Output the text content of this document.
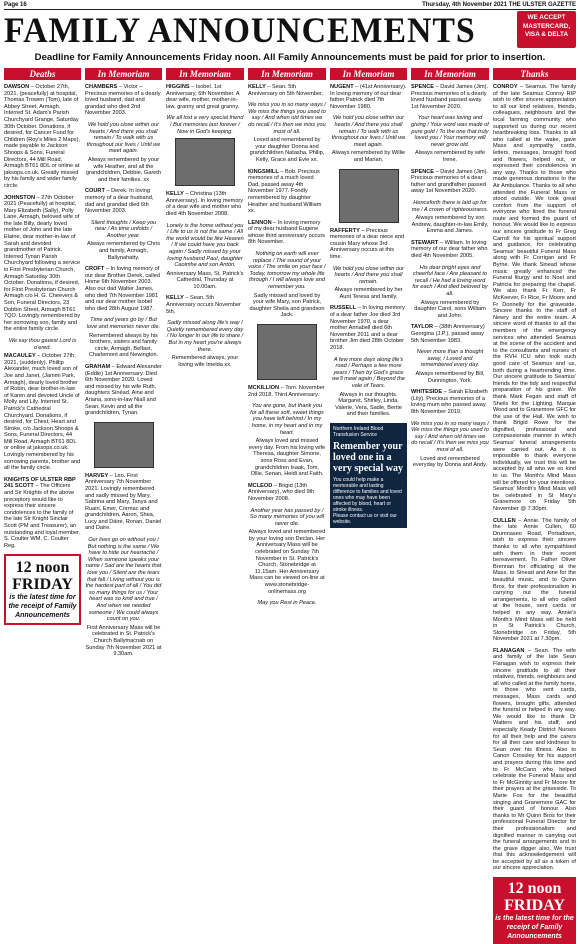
Page 16	Thursday, 4th November 2021 THE ULSTER GAZETTE
FAMILY ANNOUNCEMENTS	WE ACCEPT
MASTERCARD,
VISA & DELTA
Deadline for Family Announcements Friday noon. All Family Announcements must be paid for prior to insertion.
Deaths
DAWSON – October 27th, 2021, (peacefully) at hospital, Thomas Trowen (Tom), late of Abbey Street, Armagh. Interred St. Adam's Parish Churchyard Grange, Saturday 30th October. Donations, if desired, for Cancer Fund for Children (Roy's Miles 2 Maps), made payable to Jackson Shoops & Sons, Funeral Directors, 44 Mill Road, Armagh BT61 8DL or online at jaksops.co.uk. Greatly missed by his family and wider family circle.
JOHNSTON – 27th October 2021 (Peacefully) at hospital, Mary Elizabeth (Sally), Polly Lane, Armagh, beloved wife of the late Billy, dearly loved mother of John and the late Elaine, dear mother-in-law of Sarah and devoted grandmother of Patrick. Interred Tynan Parish Churchyard following a service in First Presbyterian Church, Armagh Saturday 30th October. Donations, if desired, for First Presbyterian Church Armagh c/o H. G. Cheevers & Son, Funeral Directors, 23 Dobbin Street, Armagh BT61 7QO. Lovingly remembered by her sorrowing son, family and the entire family circle.
We say thou gavest Lord is o'ered.
MACAULEY – October 27th, 2021, (suddenly), Phillip Alexander, much loved son of Joe and Janet, (Jammi Park, Armagh), dearly loved brother of Robin, dear brother-in-law of Karen and devoted Uncle of Molly and Lily. Interred St. Patrick's Cathedral Churchyard. Donations, if desired, for Chest, Heart and Stroke, c/o Jackson Shoops & Sons, Funeral Directors, 44 Mill Road, Armagh BT61 8DL or online at jaksops.co.uk. Lovingly remembered by his sorrowing parents, brother and all the family circle.
KNIGHTS OF ULSTER RBP 241 SCOTT – The Officers and Sir Knights of the above preceptory would like to express their sincere condolences to the family of the late Sir Knight Sinclair Scott (PM and Treasurer), an outstanding and loyal member. S. Coulter WM, C. Coulter Reg.
12 noon
FRIDAY
is the latest time for the receipt of Family Announcements
In Memoriam
CHAMBERS – Victor – Precious memories of a dearly loved husband, dad and grandad who died 2nd November 2003.
We hold you close within our hearts / And there you shall remain / To walk with us throughout our lives / Until we meet again.
Always remembered by your wife Heather, and all the grandchildren, Debbie, Gareth and their families. xx
COURT – Derek. In loving memory of a dear husband, dad and grandad died 6th November 2003.
Silent thoughts / Keep you near / As time unfolds / Another year.
Always remembered by Chris and family, Armagh, Ballynahatty.
CROFT – In loving memory of our dear Brother Derek, called Home 6th November 2003. Also our dad Walter James, who died 7th November 1981 and our dear mother Isobel who died 28th August 1987.
Time and years go by / But love and memories never die.
Remembered always by his brothers, sisters and family circle, Armagh, Belfast, Charlemont and Newington.
GRAHAM – Edward Alexander (Eddie) 1st Anniversary. Died 6th November 2020. Loved and missed by his wife Ruth, daughters Sinéad, Aine and Ariana, sons-in-law Niall and Sean, Kevin and all the grandchildren, Tynan.
HARVEY – Leo. First Anniversary 7th November 2021. Lovingly remembered and sadly missed by Mary, Sabrina and Mary, Tanya and Ruairi, Emer, Cormac and grandchildren, Aaron, Shea, Lucy and Dáire, Ronan, Daniel and Daire.
Our lives go on without you / But nothing is the same / We have to hide our heartache / When someone speaks your name / Sad are the hearts that love you / Silent are the tears that fall / Living without you is the hardest part of all / You did so many things for us / Your heart was so kind and true / And when we needed someone / We could always count on you.
First Anniversary Mass will be celebrated in St. Patrick's Church Ballymacnab on Sunday 7th November 2021 at 9.30am.
In Memoriam
HIGGINS – Isobel. 1st Anniversary, 6th November. A dear wife, mother, mother-in-law, granny and great granny.
We all lost a very special friend / But memories last forever / Now in God's keeping.
KELLY – Christina (13th Anniversary). In loving memory of a dear wife and mother who died 4th November 2008.
Lonely is the home without you / Life to us is not the same / All the world would be like Heaven / If we could have you back again / Sadly missed by your loving husband Paul, daughter Caoimhe and son Antón.
Anniversary Mass, St. Patrick's Cathedral, Thursday at 10.00am.
KELLY – Sean. 5th Anniversary occurs November 5th.
Sadly missed along life's way / Quietly remembered every day / No longer in our life to share / But in my heart you're always there.
Remembered always, your loving wife Imelda xx.
In Memoriam
KELLY – Sean. 5th Anniversary on 5th November.
We miss you in so many ways / We miss the things you used to say / And when old times we do recall / It's then we miss you most of all.
Loved and remembered by your daughter Donna and grandchildren Natasha, Philip, Kelly, Grace and Evie xx.
KINGSMILL – Bob. Precious memories of a much loved Dad, passed away 4th November 1977. Fondly remembered by daughter Heather and husband William xx.
LENNON – In loving memory of my dear husband Eugene whose third anniversary occurs 8th November.
Nothing on earth will ever replace / The sound of your voice / The smile on your face / Today, tomorrow my whole life through / I will always love and remember you.
Sadly missed and loved by your wife Mary, son Patrick, daughter Sheila and grandson Jack.
MCKILLION – Tom. November 2nd 2018. Third Anniversary.
You are gone, but thank you for all these soft, sweet things you have left behind / In my home, in my heart and in my heart.
Always loved and missed every day. From his loving wife Theresa, daughter Simone, sons Ross and Evan, grandchildren Isaak, Tom, Ollie, Senan, Heidi and Faith.
MCLEOD – Brigid (13th Anniversary), who died 9th November 2008.
Another year has passed by / So many memories of you will never die.
Always loved and remembered by your loving son Declan. Her Anniversary Mass will be celebrated on Sunday 7th November in St. Patrick's Church, Stonebridge at 11.15am. Her Anniversary Mass can be viewed on-line at www.stonebridge-onlinemass.org
May you Rest in Peace.
In Memoriam
NUGENT – (41st Anniversary). In loving memory of our dear father Patrick died 7th November 1980.
We hold you close within our hearts / And there you shall remain / To walk with us throughout our lives / Until we meet again.
Always remembered by Willie and Marian.
RAFFERTY – Precious memories of a dear niece and cousin Mary whose 3rd Anniversary occurs at this time.
We hold you close within our hearts / And there you shall remain.
Always remembered by her Aunt Teresa and family.
RUSSELL – In loving memory of a dear father Joe died 3rd November 1970, a dear mother Annabell died 6th November 2011 and a dear brother Jim died 28th October 2018.
A few more days along life's road / Perhaps a few more years / Then by God's grace we'll meet again / Beyond the vale of Tears.
Always in our thoughts. Margaret, Shirley, Linda, Valerie, Vera, Sadie, Bertie and their families.
Northern Ireland Blood Transfusion Service
Remember your loved one in a very special way
You could help make a memorable and lasting difference to families and loved ones who may have been affected by blood, heart or stroke illness.
Please contact us or visit our website.
In Memoriam
SPENCE – David James (Jim). Precious memories of a dearly loved husband passed away 1st November 2020.
Your heart was loving and giving / Your word was made of pure gold / To the one that truly loved you / Your memory will never grow old.
Always remembered by wife Irene.
SPENCE – David James (Jim). Precious memories of a dear father and grandfather passed away 1st November 2020.
Henceforth there is laid up for me / A crown of righteousness.
Always remembered by son Andrew, daughter-in-law Emily, Emma and James.
STEWART – William. In loving memory of our dear father who died 4th November 2005.
His dear bright eyes and cheerful face / Are pleasant to recall / He had a loving word for each / And died beloved by all.
Always remembered by daughter Carol, sons William and John.
TAYLOR – (38th Anniversary) Georgina (J.P.), passed away 5th November 1983.
Never more than a thought away, / Loved and remembered every day.
Always remembered by Bill, Dunnington, York.
WHITESIDE – Sarah Elizabeth (Lily). Precious memories of a loving mum who passed away 8th November 2019.
We miss you in so many ways / We miss the things you used to say / And when old times we do recall / It's then we miss you most of all.
Loved and remembered everyday by Donna and Andy.
Thanks
CONROY – Seamus. The family of the late Seamus Conroy RIP wish to offer sincere appreciation to all our kind relatives, friends, colleagues, neighbours and the local farming community who supported us during our recent heartbreaking loss. Thanks to all who called at the wake, gave Mass and sympathy cards, letters, messages, brought food and flowers, helped out, or expressed their condolences in any way. Thanks to those who made generous donations to the Air Ambulance. Thanks to all who attended the Funeral Mass or stood outside. We took great comfort from the support of everyone who lined the funeral route and formed the guard of honour. We would like to express our sincere gratitude to Fr Greg Carroll for his spiritual support and guidance, for celebrating Seamus' beautiful Funeral Mass along with Fr Corrigan and Fr Byrne. We thank Sinead whose music greatly enhanced the Funeral liturgy and to Noel and Patricia for preparing the chapel. We also thank Fr Kerr, Fr McKeever, Fr Rice, Fr Moore and Fr Donnelly for the graveside. Sincere thanks to the staff of Newry and the entire team. A sincere word of thanks to all the members of the emergency services who attended Seamus at the scene of the accident and to the consultants and nurses of the RVH ICU who took such good care of Seamus and us, both during a heartrending time. Our sincere gratitude to Seamus' friends for the tidy and respectful preparation of his grave. We thank Mark Fegan and staff of Sheils for the Lighting. Marque Wood and to Granemore GFC for the use of the Hall. We wish to thank Brigid Rowe for the dignified, professional and compassionate manner in which Seamus' funeral arrangements were carried out. As it is impossible to thank everyone individually, we trust this will be accepted by all who we so kind to us. The Month's Mind Mass will be offered for your intentions. Seamus' Month's Mind Mass will be celebrated in St Mary's Granemore on Friday 5th November @ 7.30pm.
CULLEN – Annie. The family of the late Annie Cullen, 60 Drumnaseo Road, Portadown, wish to express their sincere thanks to all who sympathised with them in their recent bereavement. To Father Oliver Brennan for officiating at the Mass, to Sinead and Aine for the beautiful music, and to Quinn Bros. for their professionalism in carrying out the funeral arrangements, to all who called at the house, sent cards or helped in any way. Annie's Month's Mind Mass will be held in St Patrick's Church, Stonebridge on Friday, 5th November 2021 at 7.30pm.
FLANAGAN – Sean. The wife and family of the late Sean Flanagan wish to express their sincere gratitude to all their relatives, friends, neighbours and all who called at the family home, to those who sent cards, messages, Mass cards and flowers, brought gifts, attended the funeral or helped in any way. We would like to thank Dr Watters and his staff, and especially Keady District Nurses for all their help and the carers for all their care and kindness to Sean over his illness. Also to Canon Crossley for his support and prayers during this time and to Fr McCann who helped celebrate the Funeral Mass and to Fr McGinnity and Fr Moore for their prayers at the graveside. To Marie Fox for the beautiful singing and Granemore GAC for their guard of honour. Also thanks to Mr Quinn Bros for their professional Funeral Director for their professionalism and dignified manner in carrying out the funeral arrangements and to the grave digger also. We trust that this acknowledgement will be accepted by all as a token of our sincere appreciation.
12 noon
FRIDAY
is the latest time for the receipt of Family Announcements
